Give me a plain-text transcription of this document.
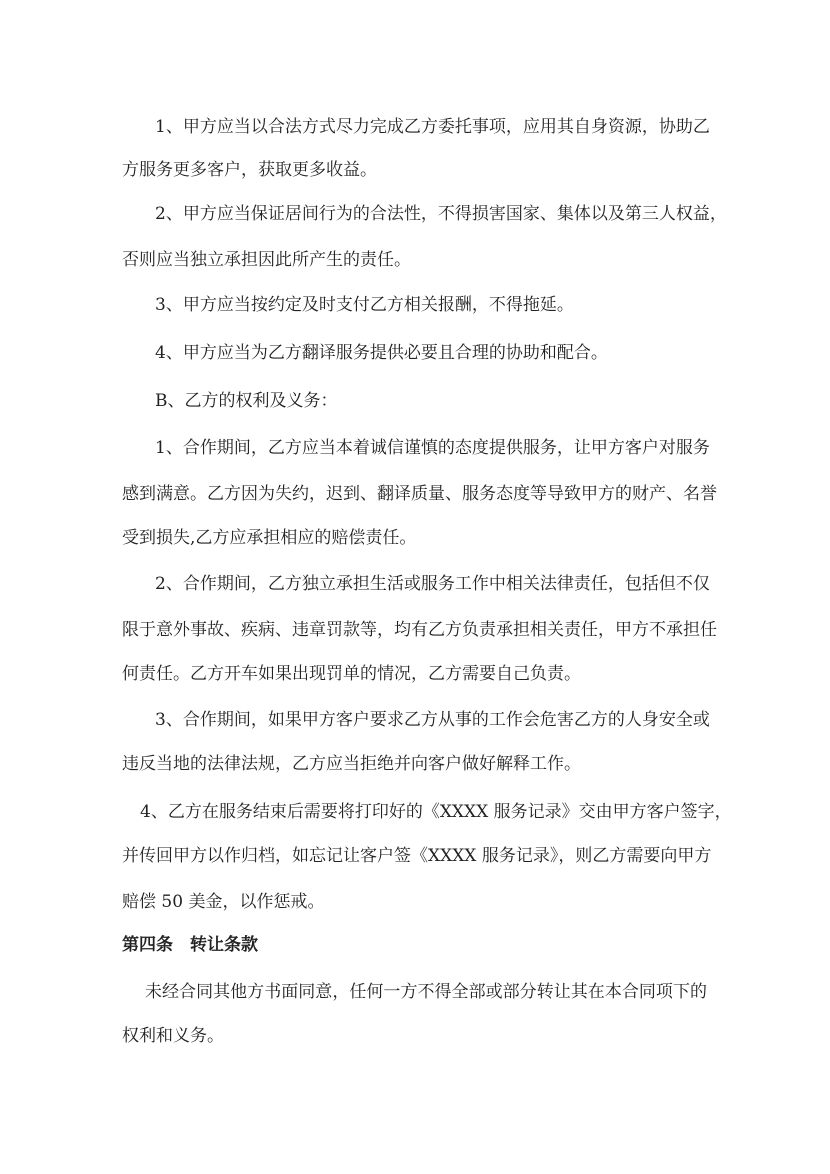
1、甲方应当以合法方式尽力完成乙方委托事项，应用其自身资源，协助乙
方服务更多客户，获取更多收益。
2、甲方应当保证居间行为的合法性，不得损害国家、集体以及第三人权益，
否则应当独立承担因此所产生的责任。
3、甲方应当按约定及时支付乙方相关报酬，不得拖延。
4、甲方应当为乙方翻译服务提供必要且合理的协助和配合。
B、乙方的权利及义务：
1、合作期间，乙方应当本着诚信谨慎的态度提供服务，让甲方客户对服务
感到满意。乙方因为失约，迟到、翻译质量、服务态度等导致甲方的财产、名誉
受到损失,乙方应承担相应的赔偿责任。
2、合作期间，乙方独立承担生活或服务工作中相关法律责任，包括但不仅
限于意外事故、疾病、违章罚款等，均有乙方负责承担相关责任，甲方不承担任
何责任。乙方开车如果出现罚单的情况，乙方需要自己负责。
3、合作期间，如果甲方客户要求乙方从事的工作会危害乙方的人身安全或
违反当地的法律法规，乙方应当拒绝并向客户做好解释工作。
4、乙方在服务结束后需要将打印好的《XXXX 服务记录》交由甲方客户签字，
并传回甲方以作归档，如忘记让客户签《XXXX 服务记录》，则乙方需要向甲方
赔偿 50 美金，以作惩戒。
第四条　转让条款
未经合同其他方书面同意，任何一方不得全部或部分转让其在本合同项下的
权利和义务。
